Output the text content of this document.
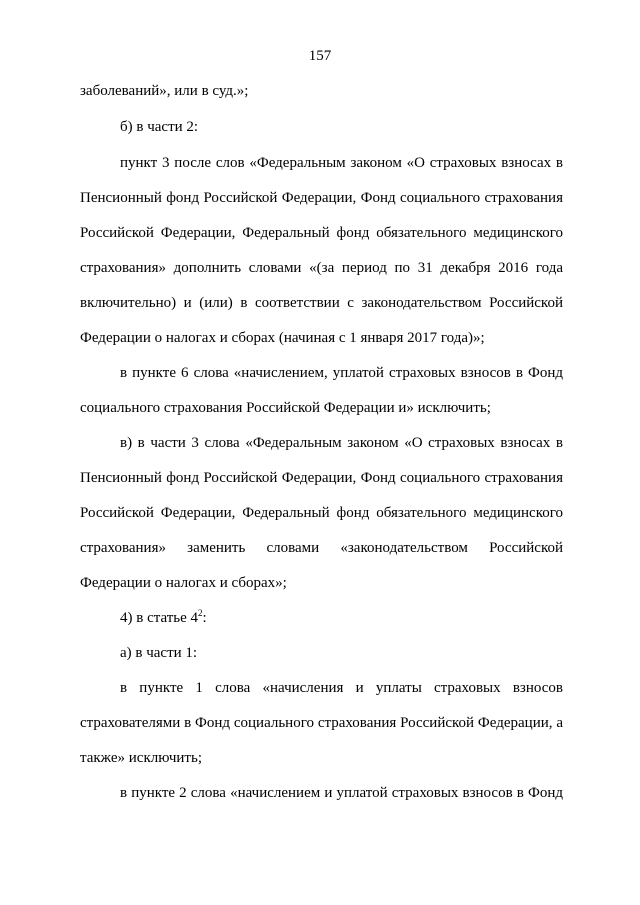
157
заболеваний», или в суд.»;
б) в части 2:
пункт 3 после слов «Федеральным законом «О страховых взносах в
Пенсионный фонд Российской Федерации, Фонд социального страхования
Российской Федерации, Федеральный фонд обязательного медицинского
страхования» дополнить словами «(за период по 31 декабря 2016 года
включительно) и (или) в соответствии с законодательством Российской
Федерации о налогах и сборах (начиная с 1 января 2017 года)»;
в пункте 6 слова «начислением, уплатой страховых взносов в Фонд
социального страхования Российской Федерации и» исключить;
в) в части 3 слова «Федеральным законом «О страховых взносах в
Пенсионный фонд Российской Федерации, Фонд социального страхования
Российской Федерации, Федеральный фонд обязательного медицинского
страхования» заменить словами «законодательством Российской
Федерации о налогах и сборах»;
4) в статье $4^2$:
а) в части 1:
в пункте 1 слова «начисления и уплаты страховых взносов
страхователями в Фонд социального страхования Российской Федерации, а
также» исключить;
в пункте 2 слова «начислением и уплатой страховых взносов в Фонд
